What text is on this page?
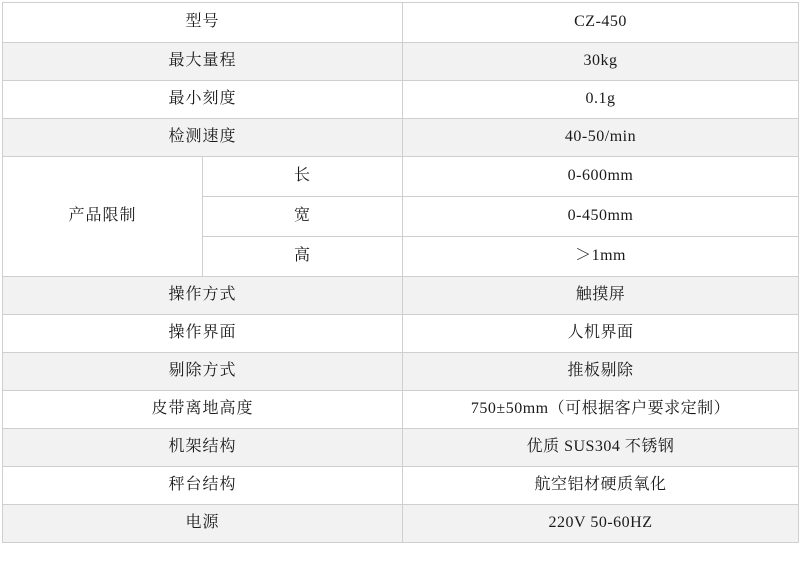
型号		CZ-450
最大量程		30kg
最小刻度		0.1g
检测速度		40-50/min
产品限制	长	0-600mm
	宽	0-450mm
	高	＞1mm
操作方式		触摸屏
操作界面		人机界面
剔除方式		推板剔除
皮带离地高度		750±50mm（可根据客户要求定制）
机架结构		优质 SUS304 不锈钢
秤台结构		航空铝材硬质氧化
电源		220V 50-60HZ
